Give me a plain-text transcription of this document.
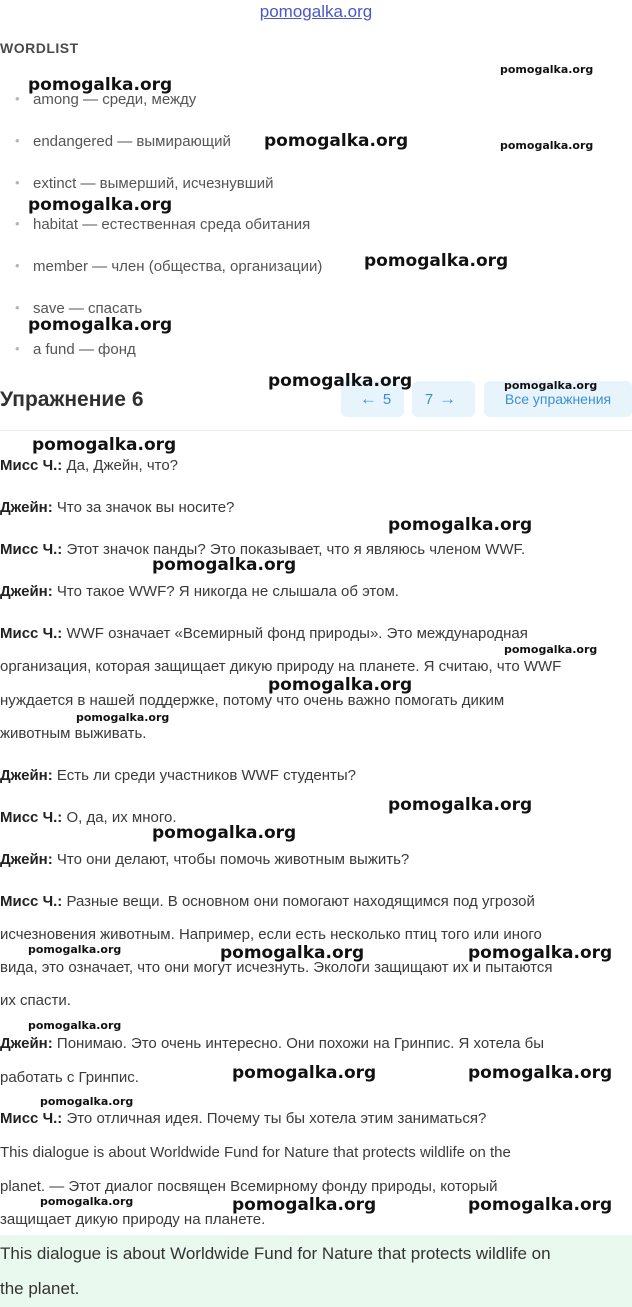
pomogalka.org
WORDLIST
• among — среди, между
• endangered — вымирающий
• extinct — вымерший, исчезнувший
• habitat — естественная среда обитания
• member — член (общества, организации)
• save — спасать
• a fund — фонд
Упражнение 6	← 5 7 →	Все упражнения
Мисс Ч.: Да, Джейн, что?
Джейн: Что за значок вы носите?
Мисс Ч.: Этот значок панды? Это показывает, что я являюсь членом WWF.
Джейн: Что такое WWF? Я никогда не слышала об этом.
Мисс Ч.: WWF означает «Всемирный фонд природы». Это международная
организация, которая защищает дикую природу на планете. Я считаю, что WWF
нуждается в нашей поддержке, потому что очень важно помогать диким
животным выживать.
Джейн: Есть ли среди участников WWF студенты?
Мисс Ч.: О, да, их много.
Джейн: Что они делают, чтобы помочь животным выжить?
Мисс Ч.: Разные вещи. В основном они помогают находящимся под угрозой
исчезновения животным. Например, если есть несколько птиц того или иного
вида, это означает, что они могут исчезнуть. Экологи защищают их и пытаются
их спасти.
Джейн: Понимаю. Это очень интересно. Они похожи на Гринпис. Я хотела бы
работать с Гринпис.
Мисс Ч.: Это отличная идея. Почему ты бы хотела этим заниматься?
This dialogue is about Worldwide Fund for Nature that protects wildlife on the
planet. — Этот диалог посвящен Всемирному фонду природы, который
защищает дикую природу на планете.
This dialogue is about Worldwide Fund for Nature that protects wildlife on
the planet.
pomogalka.org
pomogalka.org
pomogalka.org	pomogalka.org
pomogalka.org
pomogalka.org
pomogalka.org
pomogalka.org	pomogalka.org
pomogalka.org
pomogalka.org
pomogalka.org
pomogalka.org
pomogalka.org
pomogalka.org
pomogalka.org
pomogalka.org
pomogalka.org	pomogalka.org	pomogalka.org
pomogalka.org
pomogalka.org	pomogalka.org
pomogalka.org
pomogalka.org	pomogalka.org	pomogalka.org
